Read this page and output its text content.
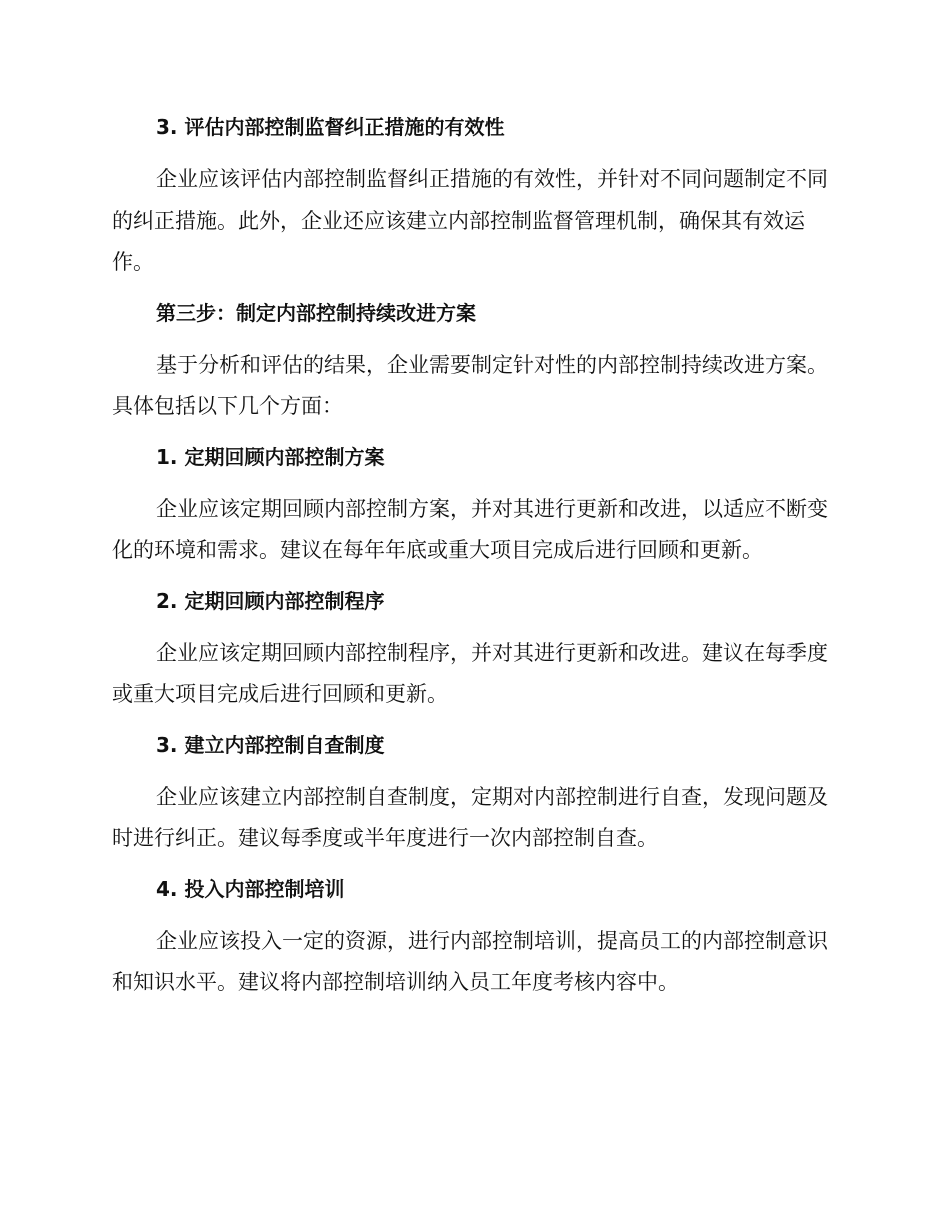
3. 评估内部控制监督纠正措施的有效性

企业应该评估内部控制监督纠正措施的有效性，并针对不同问题制定不同的纠正措施。此外，企业还应该建立内部控制监督管理机制，确保其有效运作。

第三步：制定内部控制持续改进方案

基于分析和评估的结果，企业需要制定针对性的内部控制持续改进方案。具体包括以下几个方面：

1. 定期回顾内部控制方案

企业应该定期回顾内部控制方案，并对其进行更新和改进，以适应不断变化的环境和需求。建议在每年年底或重大项目完成后进行回顾和更新。

2. 定期回顾内部控制程序

企业应该定期回顾内部控制程序，并对其进行更新和改进。建议在每季度或重大项目完成后进行回顾和更新。

3. 建立内部控制自查制度

企业应该建立内部控制自查制度，定期对内部控制进行自查，发现问题及时进行纠正。建议每季度或半年度进行一次内部控制自查。

4. 投入内部控制培训

企业应该投入一定的资源，进行内部控制培训，提高员工的内部控制意识和知识水平。建议将内部控制培训纳入员工年度考核内容中。
